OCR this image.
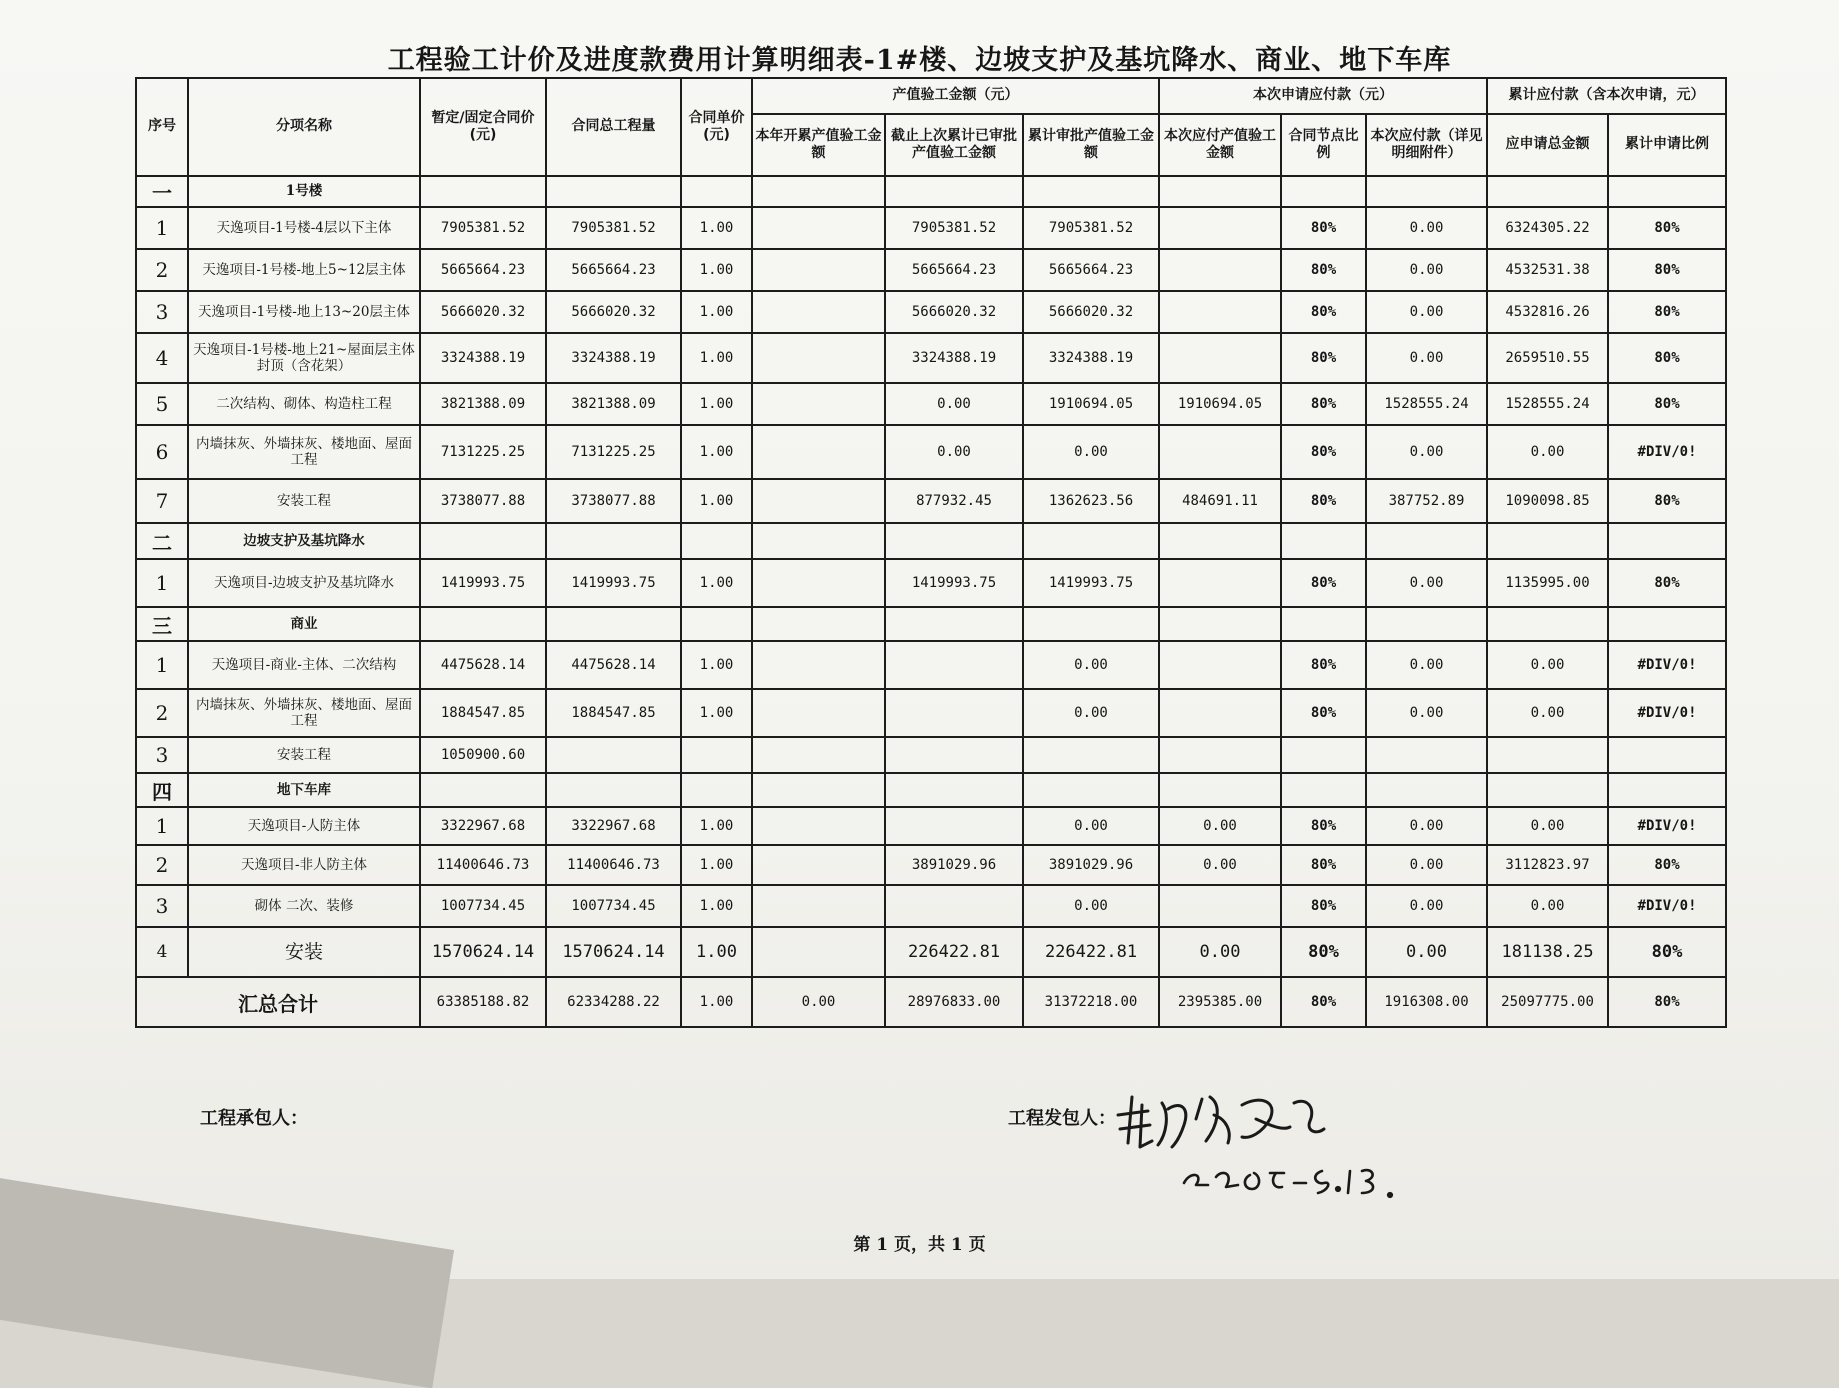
工程验工计价及进度款费用计算明细表-1#楼、边坡支护及基坑降水、商业、地下车库
序号	分项名称	暂定/固定合同价(元)	合同总工程量	合同单价(元)	产值验工金额（元）			本次申请应付款（元）			累计应付款（含本次申请，元）	
					本年开累产值验工金额	截止上次累计已审批产值验工金额	累计审批产值验工金额	本次应付产值验工金额	合同节点比例	本次应付款（详见明细附件）	应申请总金额	累计申请比例
一	1号楼											
1	天逸项目-1号楼-4层以下主体	7905381.52	7905381.52	1.00		7905381.52	7905381.52		80%	0.00	6324305.22	80%
2	天逸项目-1号楼-地上5~12层主体	5665664.23	5665664.23	1.00		5665664.23	5665664.23		80%	0.00	4532531.38	80%
3	天逸项目-1号楼-地上13~20层主体	5666020.32	5666020.32	1.00		5666020.32	5666020.32		80%	0.00	4532816.26	80%
4	天逸项目-1号楼-地上21~屋面层主体封顶（含花架）	3324388.19	3324388.19	1.00		3324388.19	3324388.19		80%	0.00	2659510.55	80%
5	二次结构、砌体、构造柱工程	3821388.09	3821388.09	1.00		0.00	1910694.05	1910694.05	80%	1528555.24	1528555.24	80%
6	内墙抹灰、外墙抹灰、楼地面、屋面工程	7131225.25	7131225.25	1.00		0.00	0.00		80%	0.00	0.00	#DIV/0!
7	安装工程	3738077.88	3738077.88	1.00		877932.45	1362623.56	484691.11	80%	387752.89	1090098.85	80%
二	边坡支护及基坑降水											
1	天逸项目-边坡支护及基坑降水	1419993.75	1419993.75	1.00		1419993.75	1419993.75		80%	0.00	1135995.00	80%
三	商业											
1	天逸项目-商业-主体、二次结构	4475628.14	4475628.14	1.00			0.00		80%	0.00	0.00	#DIV/0!
2	内墙抹灰、外墙抹灰、楼地面、屋面工程	1884547.85	1884547.85	1.00			0.00		80%	0.00	0.00	#DIV/0!
3	安装工程	1050900.60										
四	地下车库											
1	天逸项目-人防主体	3322967.68	3322967.68	1.00			0.00	0.00	80%	0.00	0.00	#DIV/0!
2	天逸项目-非人防主体	11400646.73	11400646.73	1.00		3891029.96	3891029.96	0.00	80%	0.00	3112823.97	80%
3	砌体 二次、装修	1007734.45	1007734.45	1.00			0.00		80%	0.00	0.00	#DIV/0!
4	安装	1570624.14	1570624.14	1.00		226422.81	226422.81	0.00	80%	0.00	181138.25	80%
汇总合计		63385188.82	62334288.22	1.00	0.00	28976833.00	31372218.00	2395385.00	80%	1916308.00	25097775.00	80%
工程承包人：	工程发包人：
第 1 页，共 1 页
